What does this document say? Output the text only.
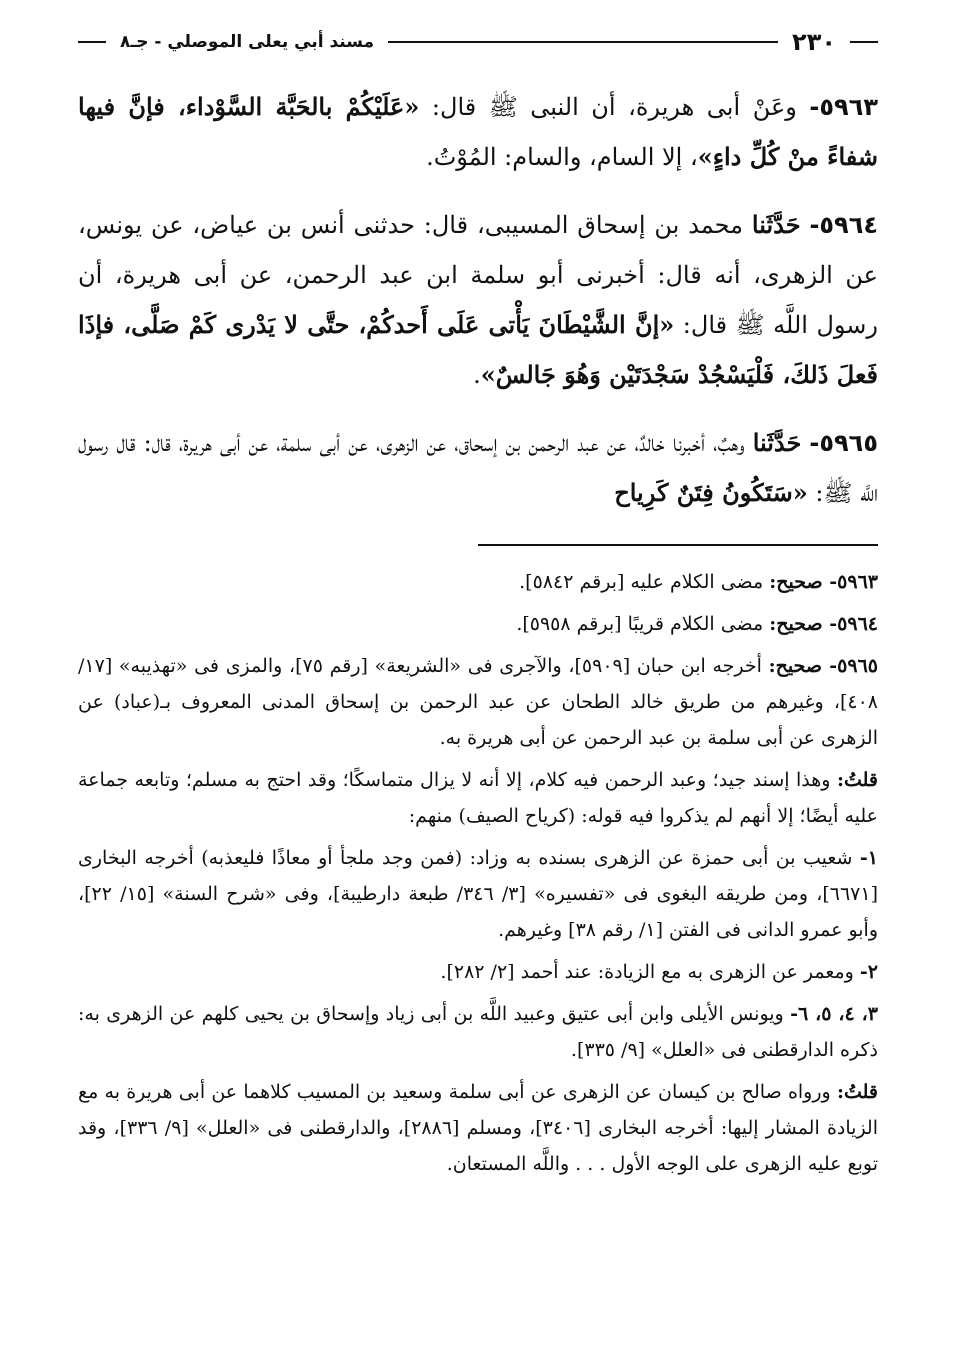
٢٣٠
مسند أبي يعلى الموصلي - جـ٨

٥٩٦٣- وعَنْ أبى هريرة، أن النبى ﷺ قال: «عَلَيْكُمْ بالحَبَّة السَّوْداء، فإنَّ فيها شفاءً منْ كُلِّ داءٍ»، إلا السام، والسام: المُوْتُ.

٥٩٦٤- حَدَّثَنا محمد بن إسحاق المسيبى، قال: حدثنى أنس بن عياض، عن يونس، عن الزهرى، أنه قال: أخبرنى أبو سلمة ابن عبد الرحمن، عن أبى هريرة، أن رسول اللَّه ﷺ قال: «إنَّ الشَّيْطَانَ يَأْتى عَلَى أَحدكُمْ، حتَّى لا يَدْرى كَمْ صَلَّى، فإذَا فَعلَ ذَلكَ، فَلْيَسْجُدْ سَجْدَتَيْن وَهُوَ جَالسٌ».

٥٩٦٥- حَدَّثَنا وهبٌ، أخبرنا خالدٌ، عن عبد الرحمن بن إسحاق، عن الزهرى، عن أبى سلمة، عن أبى هريرة، قال: قال رسول اللَّه ﷺ: «سَتَكُونُ فِتَنٌ كَرِياح

٥٩٦٣- صحيح: مضى الكلام عليه [برقم ٥٨٤٢].

٥٩٦٤- صحيح: مضى الكلام قريبًا [برقم ٥٩٥٨].

٥٩٦٥- صحيح: أخرجه ابن حبان [٥٩٠٩]، والآجرى فى «الشريعة» [رقم ٧٥]، والمزى فى «تهذيبه» [١٧/ ٤٠٨]، وغيرهم من طريق خالد الطحان عن عبد الرحمن بن إسحاق المدنى المعروف بـ(عباد) عن الزهرى عن أبى سلمة بن عبد الرحمن عن أبى هريرة به.

قلتُ: وهذا إسند جيد؛ وعبد الرحمن فيه كلام، إلا أنه لا يزال متماسكًا؛ وقد احتج به مسلم؛ وتابعه جماعة عليه أيضًا؛ إلا أنهم لم يذكروا فيه قوله: (كرياح الصيف) منهم:

١- شعيب بن أبى حمزة عن الزهرى بسنده به وزاد: (فمن وجد ملجأ أو معاذًا فليعذبه) أخرجه البخارى [٦٦٧١]، ومن طريقه البغوى فى «تفسيره» [٣/ ٣٤٦/ طبعة دارطيبة]، وفى «شرح السنة» [١٥/ ٢٢]، وأبو عمرو الدانى فى الفتن [١/ رقم ٣٨] وغيرهم.

٢- ومعمر عن الزهرى به مع الزيادة: عند أحمد [٢/ ٢٨٢].

٣، ٤، ٥، ٦- ويونس الأيلى وابن أبى عتيق وعبيد اللَّه بن أبى زياد وإسحاق بن يحيى كلهم عن الزهرى به: ذكره الدارقطنى فى «العلل» [٩/ ٣٣٥].

قلتُ: ورواه صالح بن كيسان عن الزهرى عن أبى سلمة وسعيد بن المسيب كلاهما عن أبى هريرة به مع الزيادة المشار إليها: أخرجه البخارى [٣٤٠٦]، ومسلم [٢٨٨٦]، والدارقطنى فى «العلل» [٩/ ٣٣٦]، وقد توبع عليه الزهرى على الوجه الأول . . . واللَّه المستعان.
